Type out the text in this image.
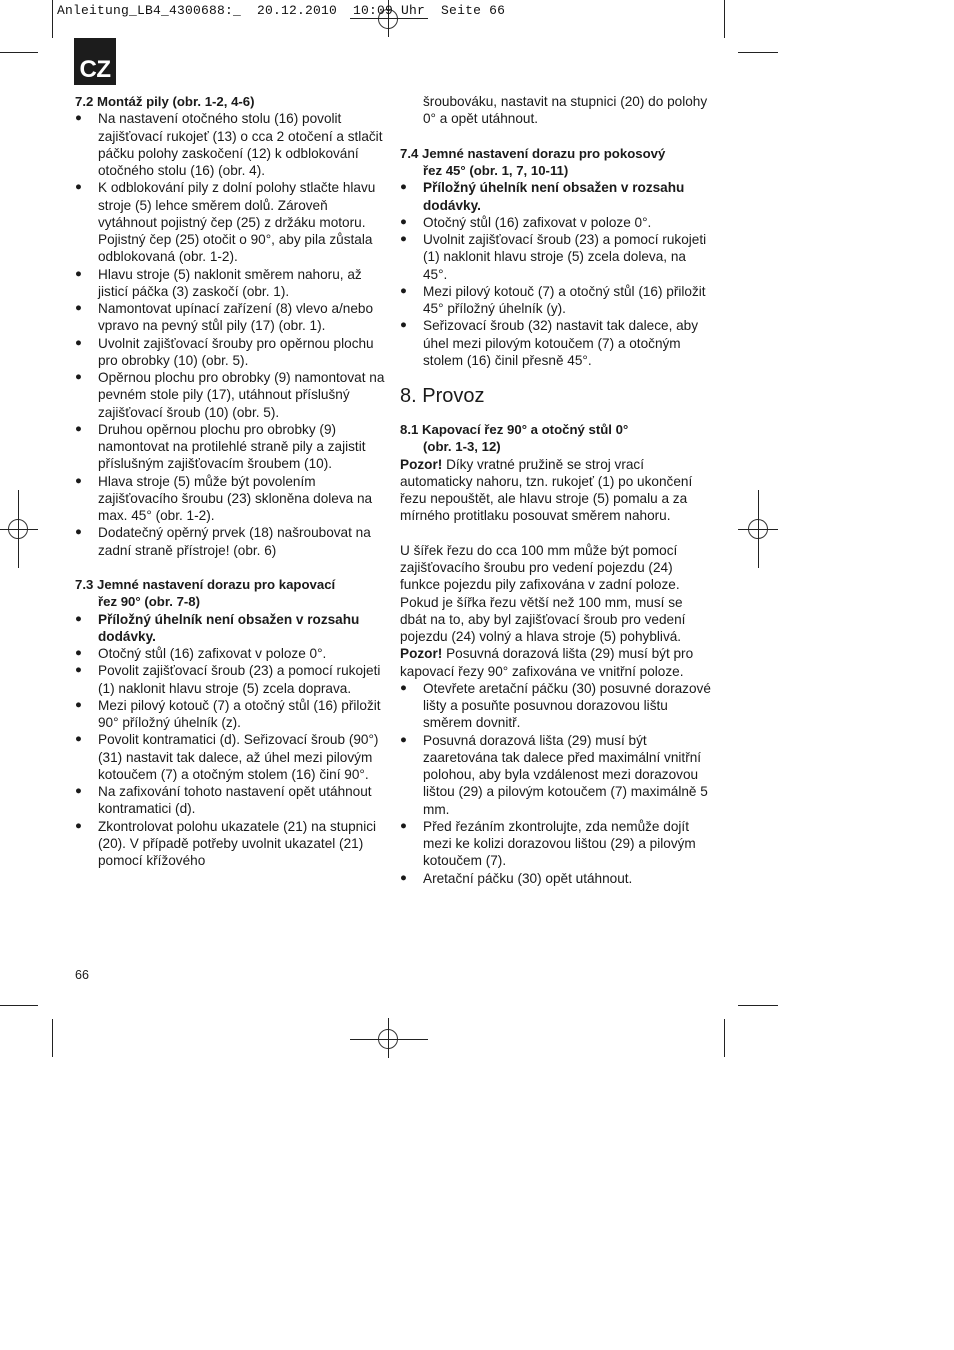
Anleitung_LB4_4300688:_  20.12.2010  10:09 Uhr  Seite 66
CZ
7.2 Montáž pily (obr. 1-2, 4-6)
● Na nastavení otočného stolu (16) povolit zajišťovací rukojeť (13) o cca 2 otočení a stlačit páčku polohy zaskočení (12) k odblokování otočného stolu (16) (obr. 4).
● K odblokování pily z dolní polohy stlačte hlavu stroje (5) lehce směrem dolů. Zároveň vytáhnout pojistný čep (25) z držáku motoru. Pojistný čep (25) otočit o 90°, aby pila zůstala odblokovaná (obr. 1-2).
● Hlavu stroje (5) naklonit směrem nahoru, až jisticí páčka (3) zaskočí (obr. 1).
● Namontovat upínací zařízení (8) vlevo a/nebo vpravo na pevný stůl pily (17) (obr. 1).
● Uvolnit zajišťovací šrouby pro opěrnou plochu pro obrobky (10) (obr. 5).
● Opěrnou plochu pro obrobky (9) namontovat na pevném stole pily (17), utáhnout příslušný zajišťovací šroub (10) (obr. 5).
● Druhou opěrnou plochu pro obrobky (9) namontovat na protilehlé straně pily a zajistit příslušným zajišťovacím šroubem (10).
● Hlava stroje (5) může být povolením zajišťovacího šroubu (23) skloněna doleva na max. 45° (obr. 1-2).
● Dodatečný opěrný prvek (18) našroubovat na zadní straně přístroje! (obr. 6)
7.3 Jemné nastavení dorazu pro kapovací
řez 90° (obr. 7-8)
● Příložný úhelník není obsažen v rozsahu dodávky.
● Otočný stůl (16) zafixovat v poloze 0°.
● Povolit zajišťovací šroub (23) a pomocí rukojeti (1) naklonit hlavu stroje (5) zcela doprava.
● Mezi pilový kotouč (7) a otočný stůl (16) přiložit 90° příložný úhelník (z).
● Povolit kontramatici (d). Seřizovací šroub (90°) (31) nastavit tak dalece, až úhel mezi pilovým kotoučem (7) a otočným stolem (16) činí 90°.
● Na zafixování tohoto nastavení opět utáhnout kontramatici (d).
● Zkontrolovat polohu ukazatele (21) na stupnici (20). V případě potřeby uvolnit ukazatel (21) pomocí křížového
66
šroubováku, nastavit na stupnici (20) do polohy 0° a opět utáhnout.
7.4 Jemné nastavení dorazu pro pokosový
řez 45° (obr. 1, 7, 10-11)
● Příložný úhelník není obsažen v rozsahu dodávky.
● Otočný stůl (16) zafixovat v poloze 0°.
● Uvolnit zajišťovací šroub (23) a pomocí rukojeti (1) naklonit hlavu stroje (5) zcela doleva, na 45°.
● Mezi pilový kotouč (7) a otočný stůl (16) přiložit 45° příložný úhelník (y).
● Seřizovací šroub (32) nastavit tak dalece, aby úhel mezi pilovým kotoučem (7) a otočným stolem (16) činil přesně 45°.
8. Provoz
8.1 Kapovací řez 90° a otočný stůl 0°
(obr. 1-3, 12)
Pozor! Díky vratné pružině se stroj vrací automaticky nahoru, tzn. rukojeť (1) po ukončení řezu nepouštět, ale hlavu stroje (5) pomalu a za mírného protitlaku posouvat směrem nahoru.
U šířek řezu do cca 100 mm může být pomocí zajišťovacího šroubu pro vedení pojezdu (24) funkce pojezdu pily zafixována v zadní poloze. Pokud je šířka řezu větší než 100 mm, musí se dbát na to, aby byl zajišťovací šroub pro vedení pojezdu (24) volný a hlava stroje (5) pohyblivá.
Pozor! Posuvná dorazová lišta (29) musí být pro kapovací řezy 90° zafixována ve vnitřní poloze.
● Otevřete aretační páčku (30) posuvné dorazové lišty a posuňte posuvnou dorazovou lištu směrem dovnitř.
● Posuvná dorazová lišta (29) musí být zaaretována tak dalece před maximální vnitřní polohou, aby byla vzdálenost mezi dorazovou lištou (29) a pilovým kotoučem (7) maximálně 5 mm.
● Před řezáním zkontrolujte, zda nemůže dojít mezi ke kolizi dorazovou lištou (29) a pilovým kotoučem (7).
● Aretační páčku (30) opět utáhnout.
